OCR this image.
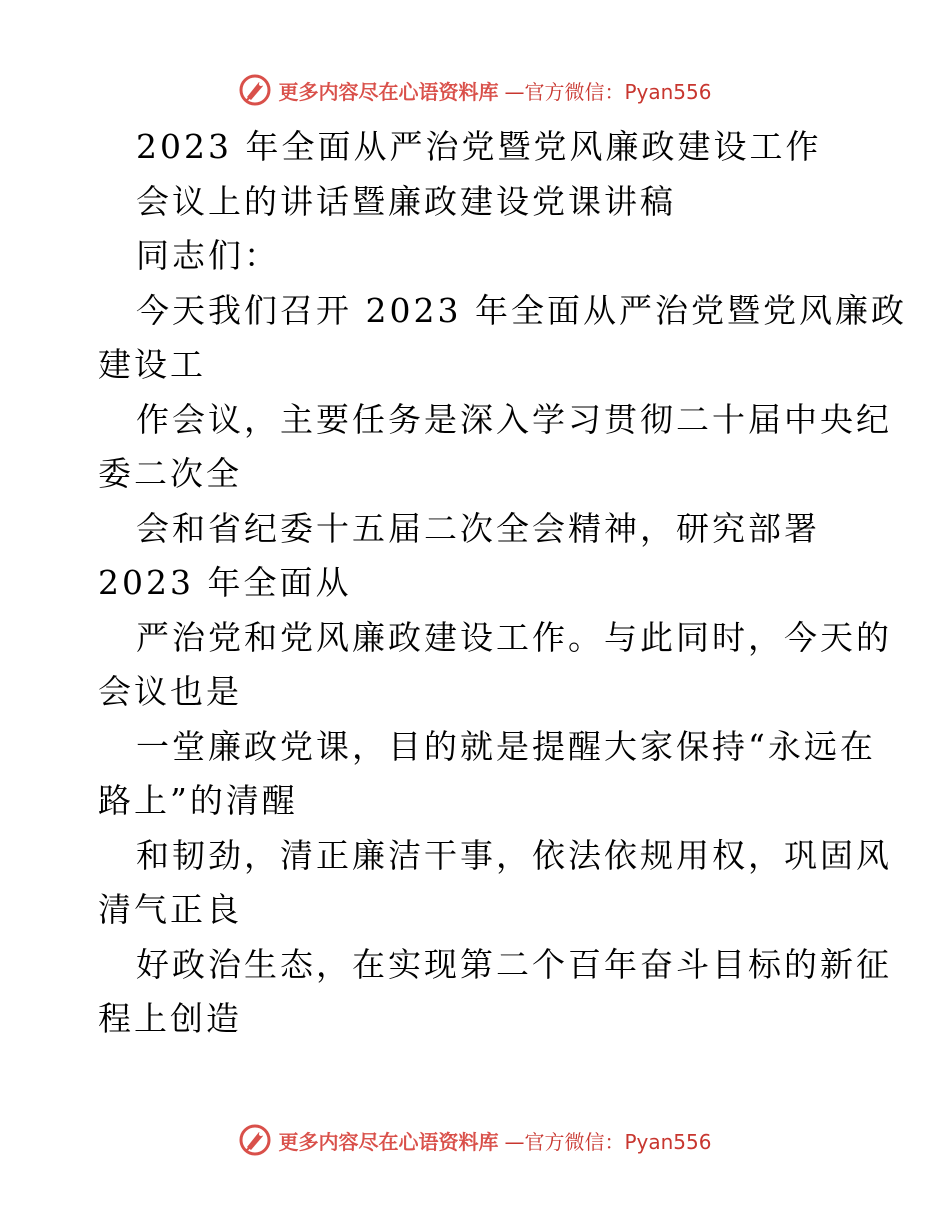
更多内容尽在心语资料库 —官方微信：Pyan556
2023 年全面从严治党暨党风廉政建设工作
会议上的讲话暨廉政建设党课讲稿
同志们：
今天我们召开 2023 年全面从严治党暨党风廉政
建设工
作会议，主要任务是深入学习贯彻二十届中央纪
委二次全
会和省纪委十五届二次全会精神，研究部署
2023 年全面从
严治党和党风廉政建设工作。与此同时，今天的
会议也是
一堂廉政党课，目的就是提醒大家保持“永远在
路上”的清醒
和韧劲，清正廉洁干事，依法依规用权，巩固风
清气正良
好政治生态，在实现第二个百年奋斗目标的新征
程上创造
更多内容尽在心语资料库 —官方微信：Pyan556
